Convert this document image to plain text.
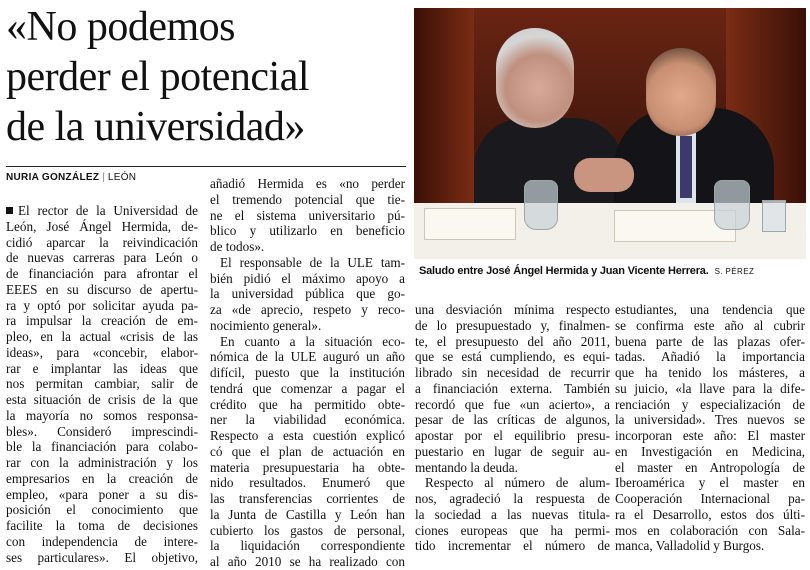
«No podemos
perder el potencial
de la universidad»
NURIA GONZÁLEZ | LEÓN
Saludo entre José Ángel Hermida y Juan Vicente Herrera. S. PÉREZ
El rector de la Universidad de
León, José Ángel Hermida, de-
cidió aparcar la reivindicación
de nuevas carreras para León o
de financiación para afrontar el
EEES en su discurso de apertu-
ra y optó por solicitar ayuda pa-
ra impulsar la creación de em-
pleo, en la actual «crisis de las
ideas», para «concebir, elabor-
rar e implantar las ideas que
nos permitan cambiar, salir de
esta situación de crisis de la que
la mayoría no somos responsa-
bles». Consideró imprescindi-
ble la financiación para colabo-
rar con la administración y los
empresarios en la creación de
empleo, «para poner a su dis-
posición el conocimiento que
facilite la toma de decisiones
con independencia de intere-
ses particulares». El objetivo,
añadió Hermida es «no perder
el tremendo potencial que tie-
ne el sistema universitario pú-
blico y utilizarlo en beneficio
de todos».
El responsable de la ULE tam-
bién pidió el máximo apoyo a
la universidad pública que go-
za «de aprecio, respeto y reco-
nocimiento general».
En cuanto a la situación eco-
nómica de la ULE auguró un año
difícil, puesto que la institución
tendrá que comenzar a pagar el
crédito que ha permitido obte-
ner la viabilidad económica.
Respecto a esta cuestión explicó
có que el plan de actuación en
materia presupuestaria ha obte-
nido resultados. Enumeró que
las transferencias corrientes de
la Junta de Castilla y León han
cubierto los gastos de personal,
la liquidación correspondiente
al año 2010 se ha realizado con
una desviación mínima respecto
de lo presupuestado y, finalmen-
te, el presupuesto del año 2011,
que se está cumpliendo, es equi-
librado sin necesidad de recurrir
a financiación externa. También
recordó que fue «un acierto», a
pesar de las críticas de algunos,
apostar por el equilibrio presu-
puestario en lugar de seguir au-
mentando la deuda.
Respecto al número de alum-
nos, agradeció la respuesta de
la sociedad a las nuevas titula-
ciones europeas que ha permi-
tido incrementar el número de
estudiantes, una tendencia que
se confirma este año al cubrir
buena parte de las plazas ofer-
tadas. Añadió la importancia
que ha tenido los másteres, a
su juicio, «la llave para la dife-
renciación y especialización de
la universidad». Tres nuevos se
incorporan este año: El master
en Investigación en Medicina,
el master en Antropología de
Iberoamérica y el master en
Cooperación Internacional pa-
ra el Desarrollo, estos dos últi-
mos en colaboración con Sala-
manca, Valladolid y Burgos.
